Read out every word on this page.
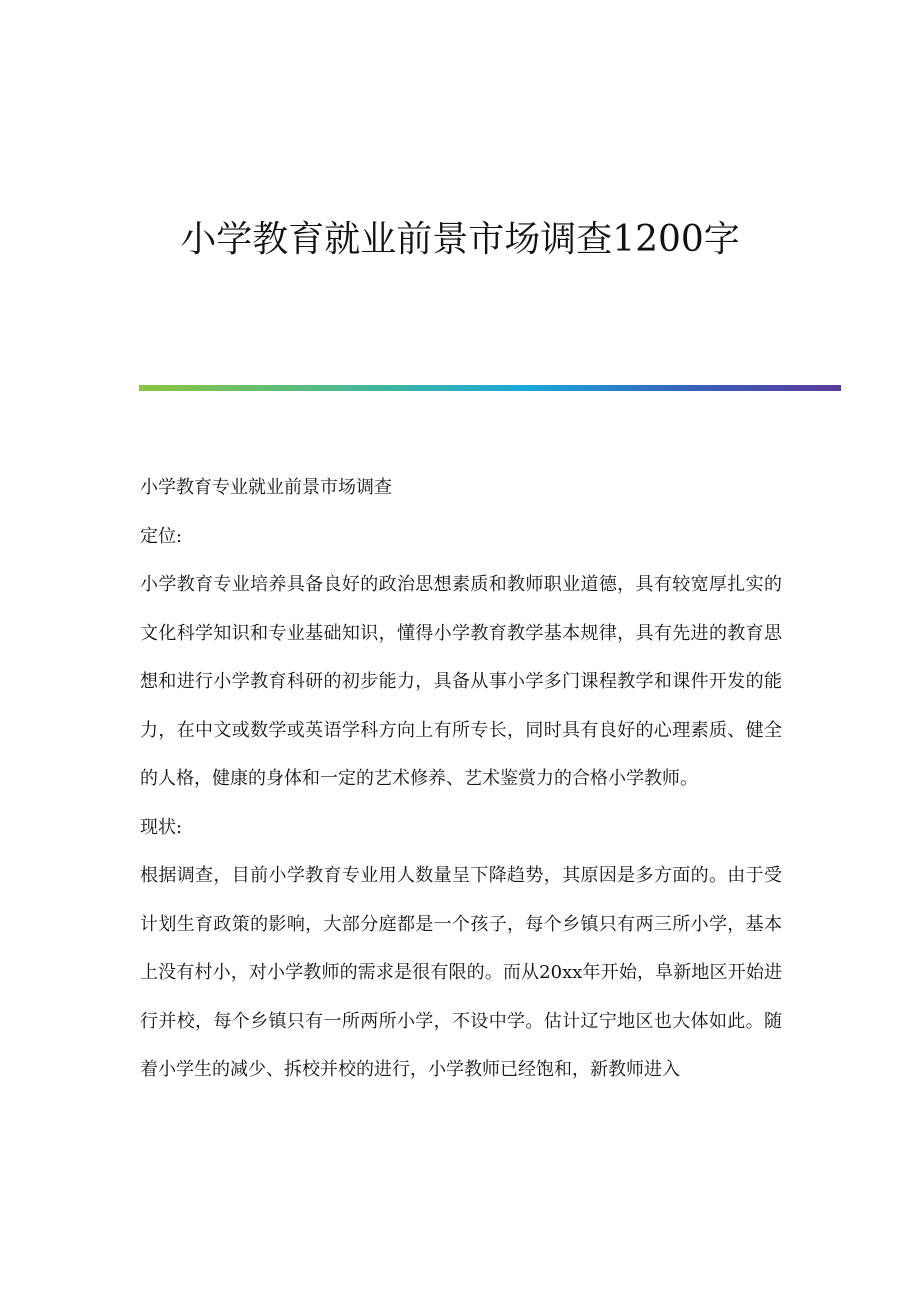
小学教育就业前景市场调查1200字

小学教育专业就业前景市场调查

定位:

小学教育专业培养具备良好的政治思想素质和教师职业道德，具有较宽厚扎实的文化科学知识和专业基础知识，懂得小学教育教学基本规律，具有先进的教育思想和进行小学教育科研的初步能力，具备从事小学多门课程教学和课件开发的能力，在中文或数学或英语学科方向上有所专长，同时具有良好的心理素质、健全的人格，健康的身体和一定的艺术修养、艺术鉴赏力的合格小学教师。

现状:

根据调查，目前小学教育专业用人数量呈下降趋势，其原因是多方面的。由于受计划生育政策的影响，大部分庭都是一个孩子，每个乡镇只有两三所小学，基本上没有村小，对小学教师的需求是很有限的。而从20xx年开始，阜新地区开始进行并校，每个乡镇只有一所两所小学，不设中学。估计辽宁地区也大体如此。随着小学生的减少、拆校并校的进行，小学教师已经饱和，新教师进入
